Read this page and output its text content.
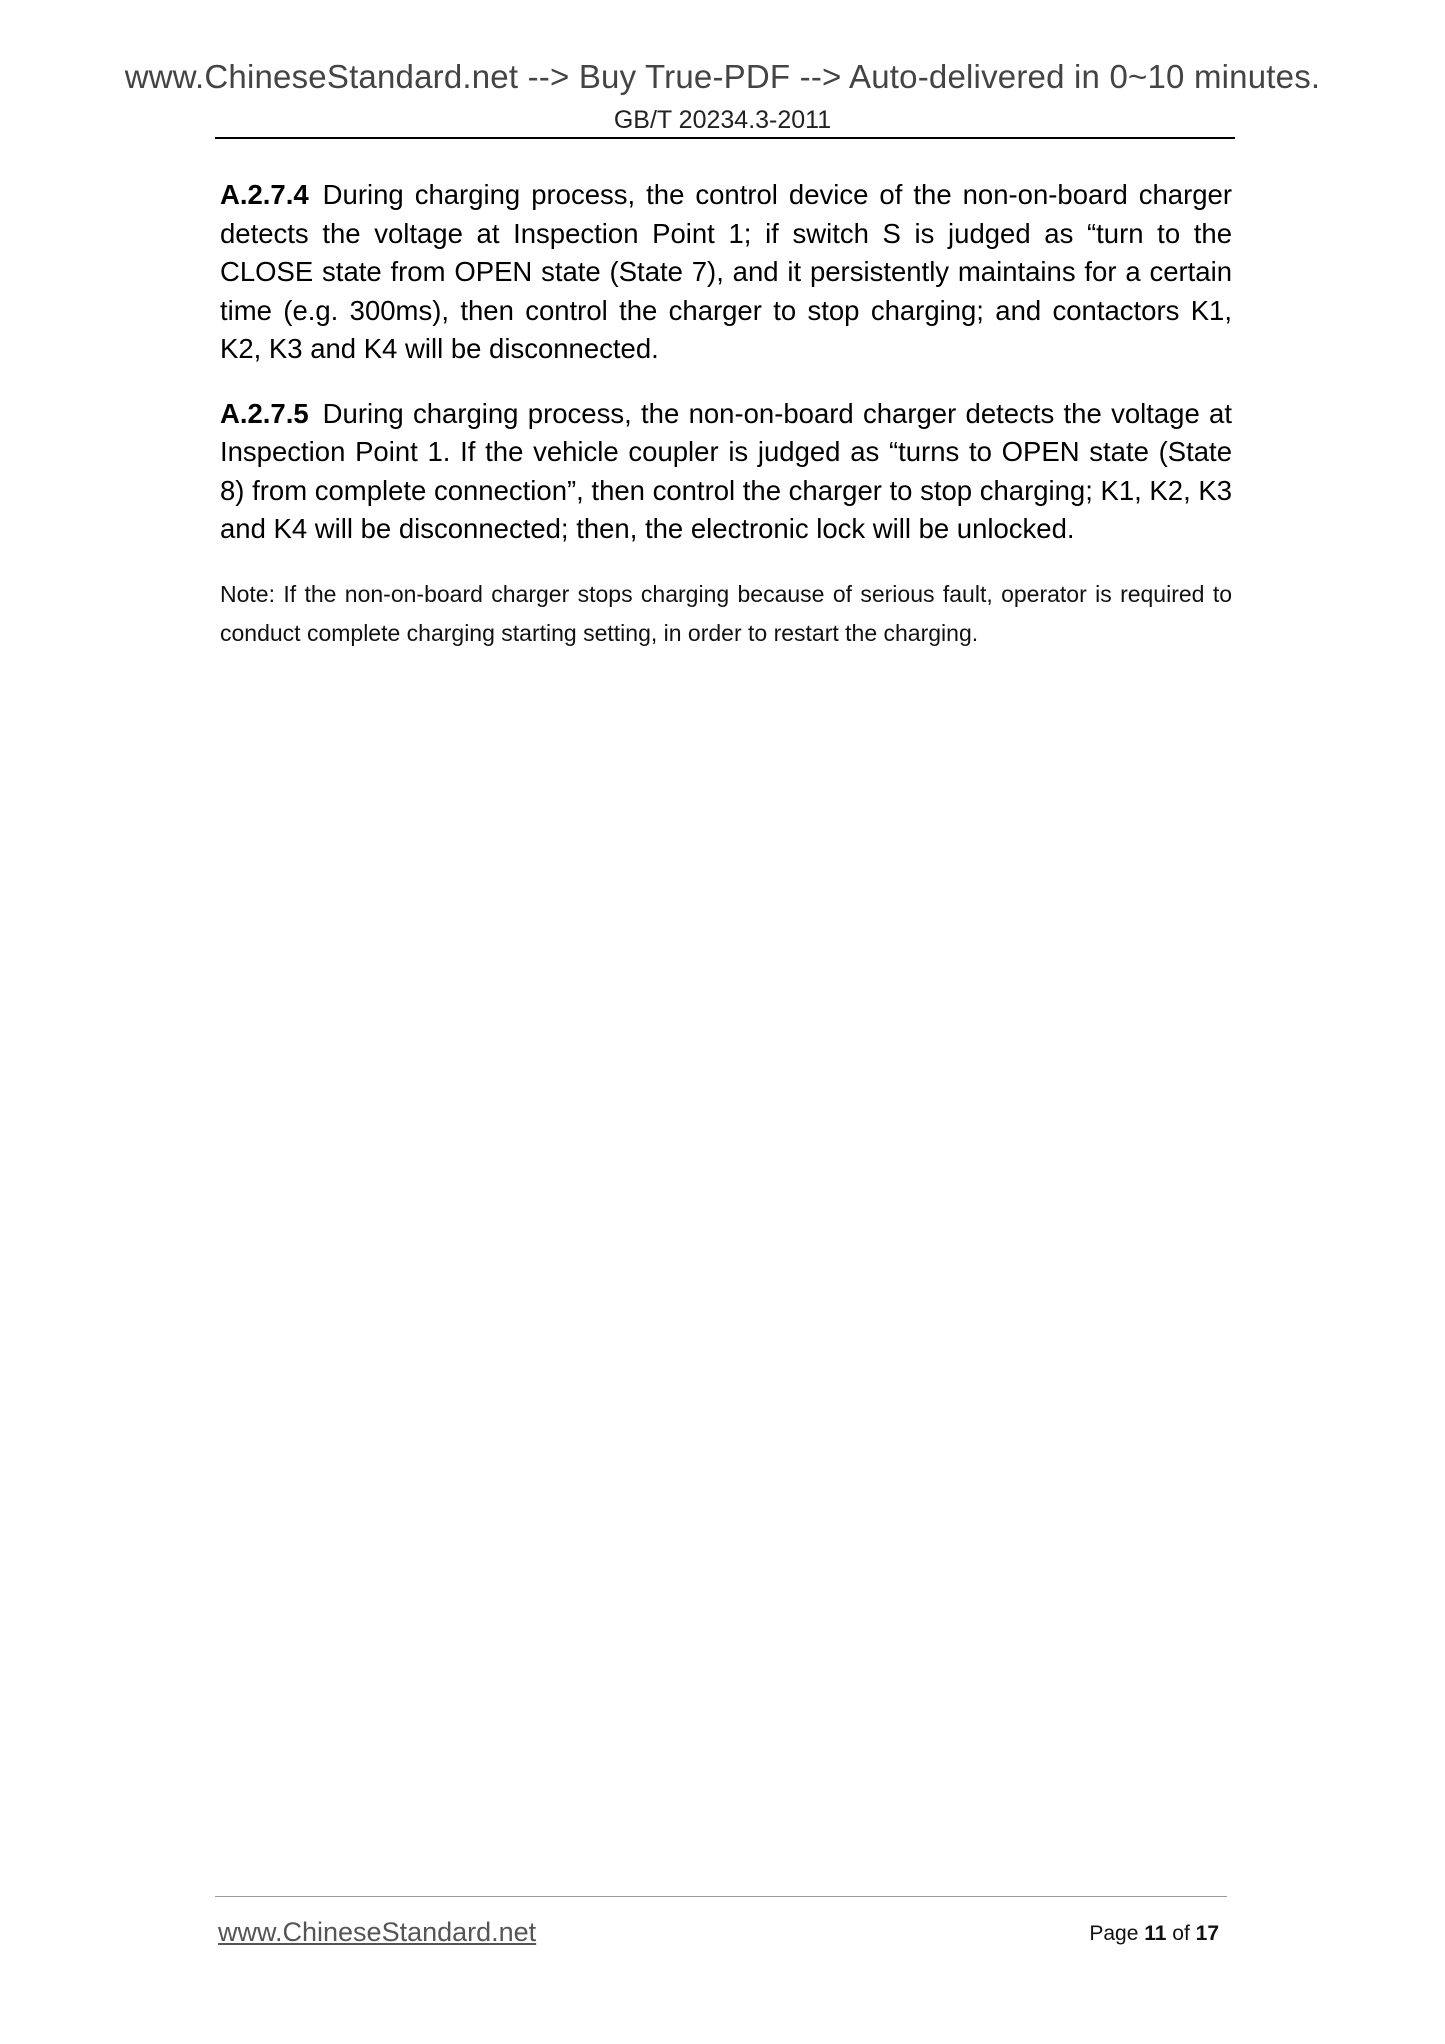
www.ChineseStandard.net --> Buy True-PDF --> Auto-delivered in 0~10 minutes.
GB/T 20234.3-2011

A.2.7.4 During charging process, the control device of the non-on-board charger detects the voltage at Inspection Point 1; if switch S is judged as “turn to the CLOSE state from OPEN state (State 7), and it persistently maintains for a certain time (e.g. 300ms), then control the charger to stop charging; and contactors K1, K2, K3 and K4 will be disconnected.

A.2.7.5 During charging process, the non-on-board charger detects the voltage at Inspection Point 1. If the vehicle coupler is judged as “turns to OPEN state (State 8) from complete connection”, then control the charger to stop charging; K1, K2, K3 and K4 will be disconnected; then, the electronic lock will be unlocked.

Note: If the non-on-board charger stops charging because of serious fault, operator is required to conduct complete charging starting setting, in order to restart the charging.

www.ChineseStandard.net	Page 11 of 17
